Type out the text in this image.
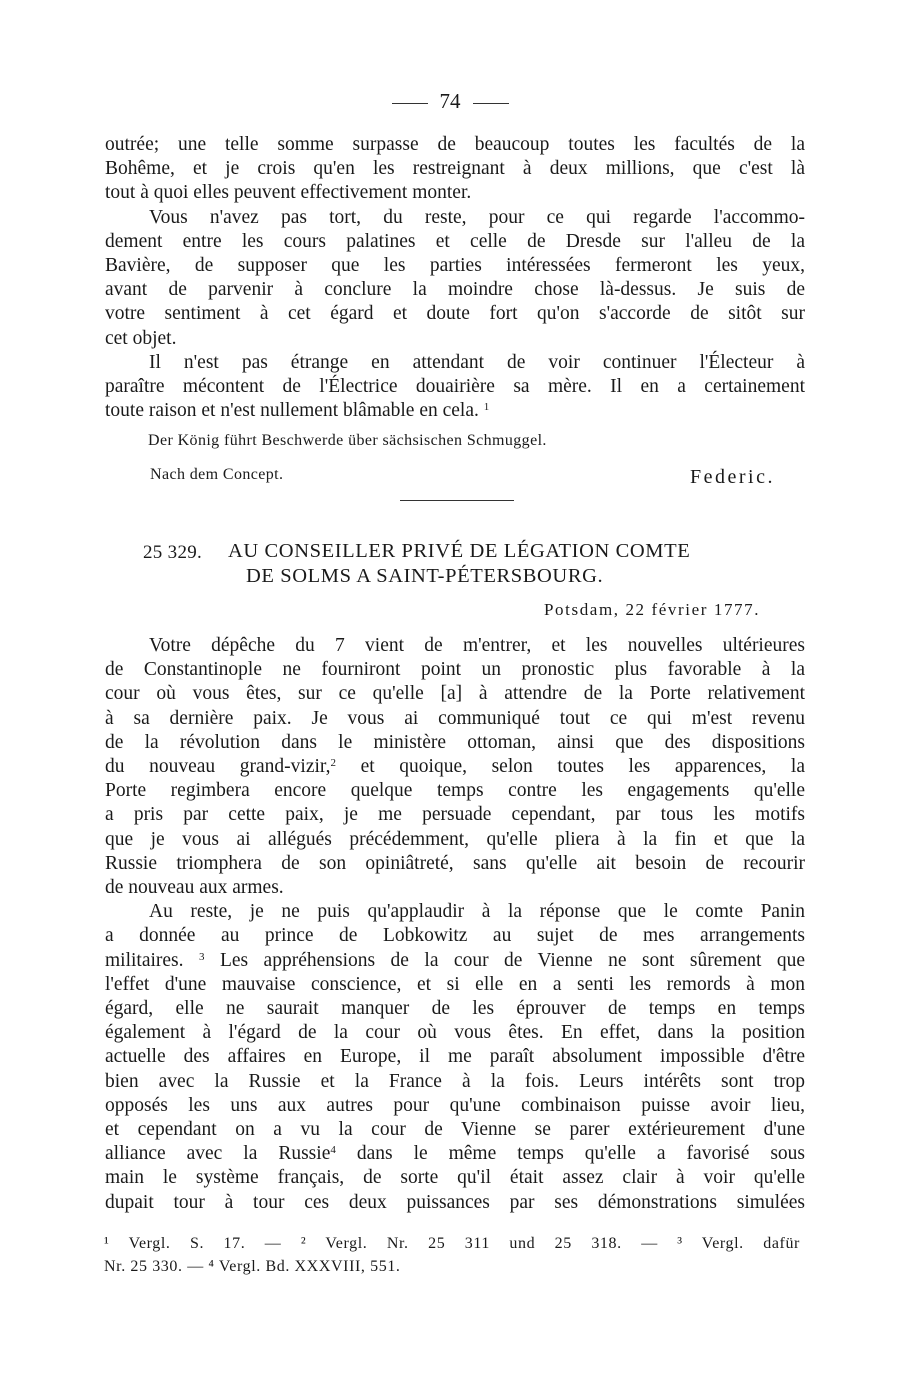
74

outrée; une telle somme surpasse de beaucoup toutes les facultés de la
Bohême, et je crois qu'en les restreignant à deux millions, que c'est là
tout à quoi elles peuvent effectivement monter.

Vous n'avez pas tort, du reste, pour ce qui regarde l'accommo-
dement entre les cours palatines et celle de Dresde sur l'alleu de la
Bavière, de supposer que les parties intéressées fermeront les yeux,
avant de parvenir à conclure la moindre chose là-dessus. Je suis de
votre sentiment à cet égard et doute fort qu'on s'accorde de sitôt sur
cet objet.

Il n'est pas étrange en attendant de voir continuer l'Électeur à
paraître mécontent de l'Électrice douairière sa mère. Il en a certainement
toute raison et n'est nullement blâmable en cela. $^1$

Der König führt Beschwerde über sächsischen Schmuggel.
Nach dem Concept.	Federic.
25 329. AU CONSEILLER PRIVÉ DE LÉGATION COMTE
DE SOLMS A SAINT-PÉTERSBOURG.
Potsdam, 22 février 1777.

Votre dépêche du 7 vient de m'entrer, et les nouvelles ultérieures
de Constantinople ne fourniront point un pronostic plus favorable à la
cour où vous êtes, sur ce qu'elle [a] à attendre de la Porte relativement
à sa dernière paix. Je vous ai communiqué tout ce qui m'est revenu
de la révolution dans le ministère ottoman, ainsi que des dispositions
du nouveau grand-vizir,$^2$ et quoique, selon toutes les apparences, la
Porte regimbera encore quelque temps contre les engagements qu'elle
a pris par cette paix, je me persuade cependant, par tous les motifs
que je vous ai allégués précédemment, qu'elle pliera à la fin et que la
Russie triomphera de son opiniâtreté, sans qu'elle ait besoin de recourir
de nouveau aux armes.

Au reste, je ne puis qu'applaudir à la réponse que le comte Panin
a donnée au prince de Lobkowitz au sujet de mes arrangements
militaires. $^3$ Les appréhensions de la cour de Vienne ne sont sûrement que
l'effet d'une mauvaise conscience, et si elle en a senti les remords à mon
égard, elle ne saurait manquer de les éprouver de temps en temps
également à l'égard de la cour où vous êtes. En effet, dans la position
actuelle des affaires en Europe, il me paraît absolument impossible d'être
bien avec la Russie et la France à la fois. Leurs intérêts sont trop
opposés les uns aux autres pour qu'une combinaison puisse avoir lieu,
et cependant on a vu la cour de Vienne se parer extérieurement d'une
alliance avec la Russie$^4$ dans le même temps qu'elle a favorisé sous
main le système français, de sorte qu'il était assez clair à voir qu'elle
dupait tour à tour ces deux puissances par ses démonstrations simulées

¹ Vergl. S. 17. — ² Vergl. Nr. 25 311 und 25 318. — ³ Vergl. dafür
Nr. 25 330. — ⁴ Vergl. Bd. XXXVIII, 551.
